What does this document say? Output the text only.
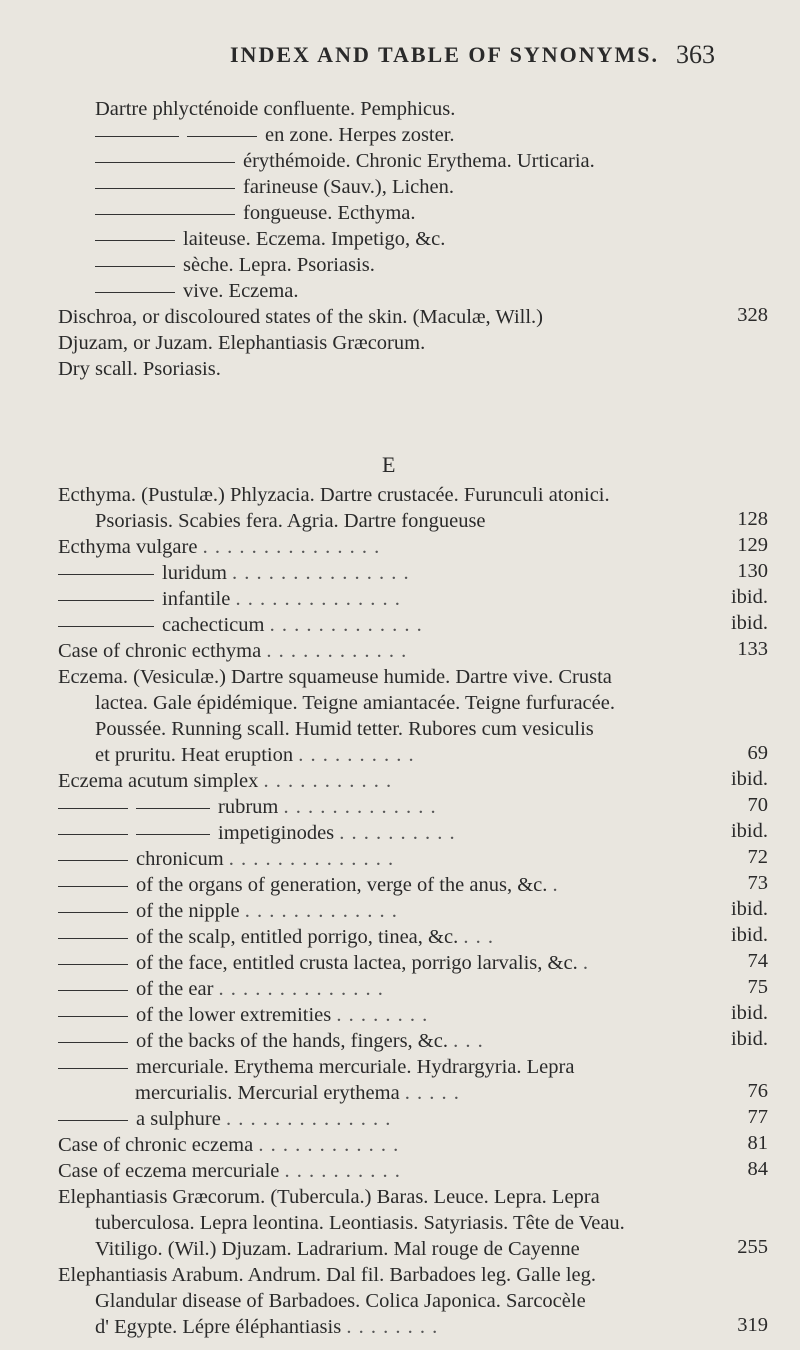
INDEX AND TABLE OF SYNONYMS. 363
E
Dartre phlycténoide confluente. Pemphicus.
en zone. Herpes zoster.
érythémoide. Chronic Erythema. Urticaria.
farineuse (Sauv.), Lichen.
fongueuse. Ecthyma.
laiteuse. Eczema. Impetigo, &c.
sèche. Lepra. Psoriasis.
vive. Eczema.
Dischroa, or discoloured states of the skin. (Maculæ, Will.)	328
Djuzam, or Juzam. Elephantiasis Græcorum.
Dry scall. Psoriasis.
Ecthyma. (Pustulæ.) Phlyzacia. Dartre crustacée. Furunculi atonici.
Psoriasis. Scabies fera. Agria. Dartre fongueuse	128
Ecthyma vulgare . . . . . . . . . . . . . . .	129
luridum . . . . . . . . . . . . . . .	130
infantile . . . . . . . . . . . . . .	ibid.
cachecticum . . . . . . . . . . . . .	ibid.
Case of chronic ecthyma . . . . . . . . . . . .	133
Eczema. (Vesiculæ.) Dartre squameuse humide. Dartre vive. Crusta
lactea. Gale épidémique. Teigne amiantacée. Teigne furfuracée.
Poussée. Running scall. Humid tetter. Rubores cum vesiculis
et pruritu. Heat eruption . . . . . . . . . .	69
Eczema acutum simplex . . . . . . . . . . .	ibid.
rubrum . . . . . . . . . . . . .	70
impetiginodes . . . . . . . . . .	ibid.
chronicum . . . . . . . . . . . . . .	72
of the organs of generation, verge of the anus, &c. .	73
of the nipple . . . . . . . . . . . . .	ibid.
of the scalp, entitled porrigo, tinea, &c. . . .	ibid.
of the face, entitled crusta lactea, porrigo larvalis, &c. .	74
of the ear . . . . . . . . . . . . . .	75
of the lower extremities . . . . . . . .	ibid.
of the backs of the hands, fingers, &c. . . .	ibid.
mercuriale. Erythema mercuriale. Hydrargyria. Lepra
mercurialis. Mercurial erythema . . . . .	76
a sulphure . . . . . . . . . . . . . .	77
Case of chronic eczema . . . . . . . . . . . .	81
Case of eczema mercuriale . . . . . . . . . .	84
Elephantiasis Græcorum. (Tubercula.) Baras. Leuce. Lepra. Lepra
tuberculosa. Lepra leontina. Leontiasis. Satyriasis. Tête de Veau.
Vitiligo. (Wil.) Djuzam. Ladrarium. Mal rouge de Cayenne	255
Elephantiasis Arabum. Andrum. Dal fil. Barbadoes leg. Galle leg.
Glandular disease of Barbadoes. Colica Japonica. Sarcocèle
d' Egypte. Lépre éléphantiasis . . . . . . . .	319
